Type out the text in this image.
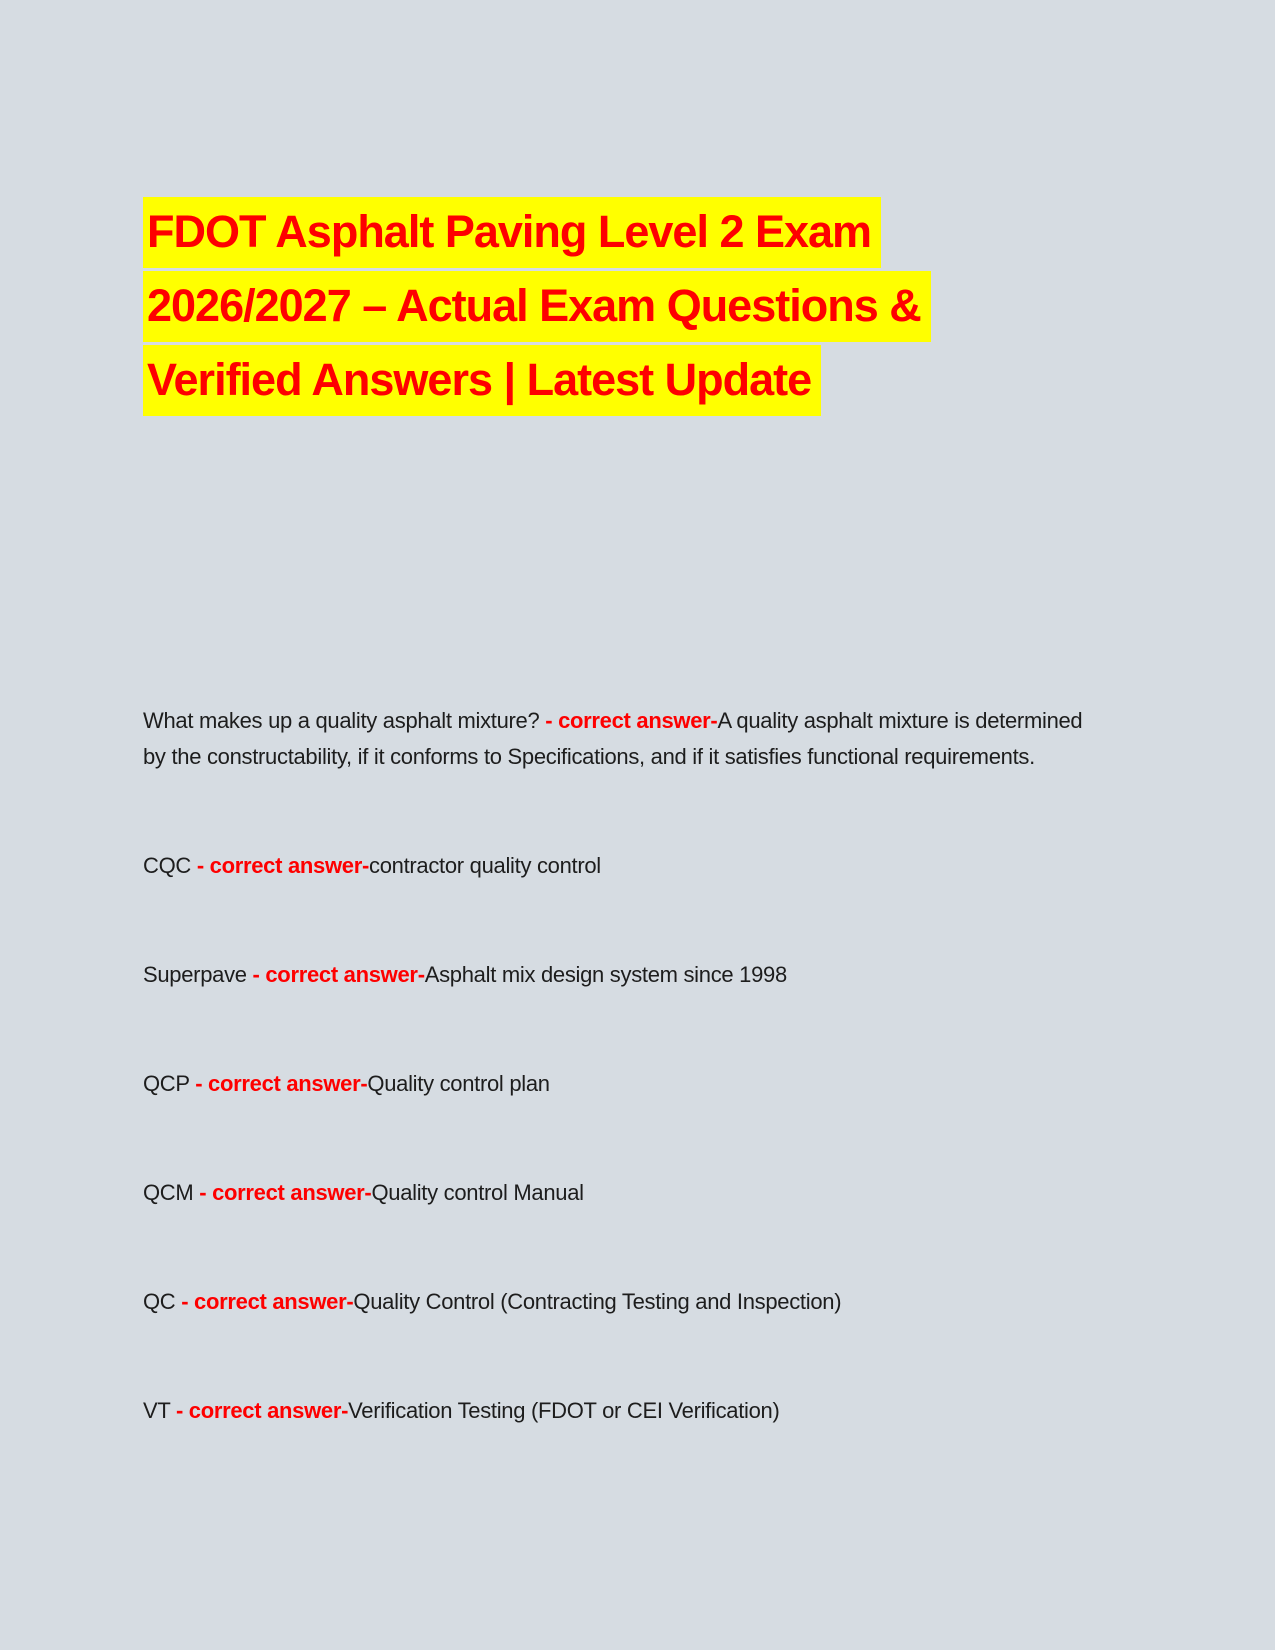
FDOT Asphalt Paving Level 2 Exam
2026/2027 – Actual Exam Questions &
Verified Answers | Latest Update

What makes up a quality asphalt mixture? - correct answer-A quality asphalt mixture is determined by the constructability, if it conforms to Specifications, and if it satisfies functional requirements.

CQC - correct answer-contractor quality control

Superpave - correct answer-Asphalt mix design system since 1998

QCP - correct answer-Quality control plan

QCM - correct answer-Quality control Manual

QC - correct answer-Quality Control (Contracting Testing and Inspection)

VT - correct answer-Verification Testing (FDOT or CEI Verification)
